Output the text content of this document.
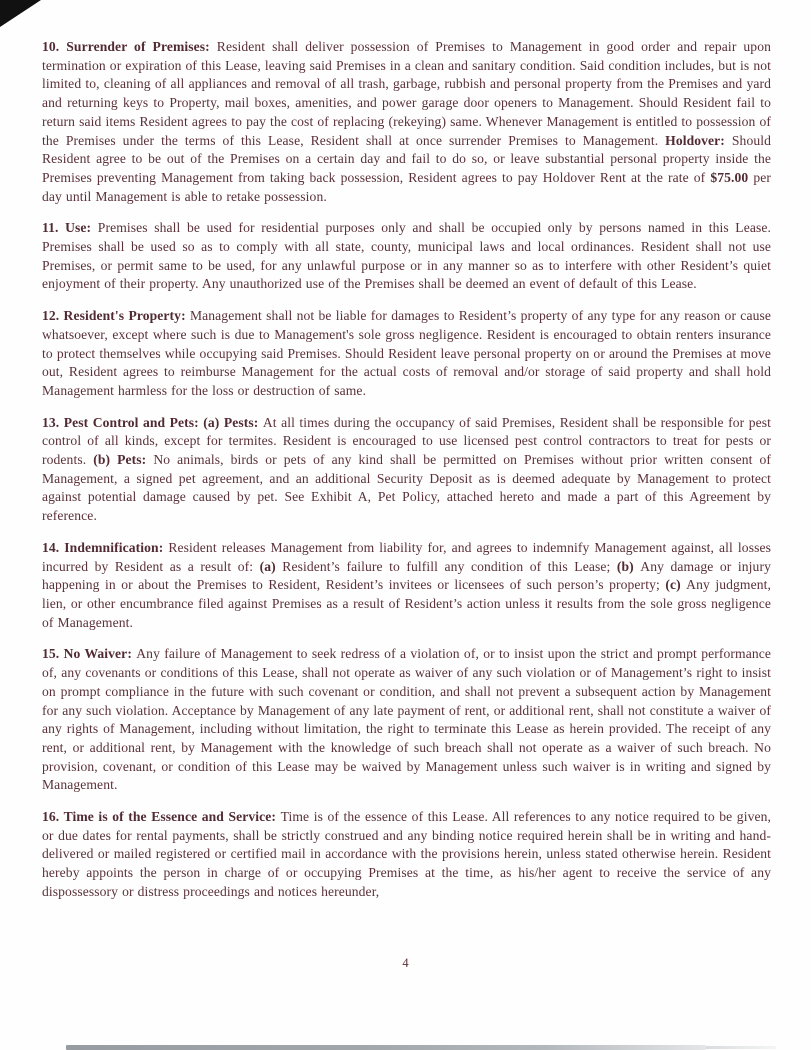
10. Surrender of Premises: Resident shall deliver possession of Premises to Management in good order and repair upon termination or expiration of this Lease, leaving said Premises in a clean and sanitary condition. Said condition includes, but is not limited to, cleaning of all appliances and removal of all trash, garbage, rubbish and personal property from the Premises and yard and returning keys to Property, mail boxes, amenities, and power garage door openers to Management. Should Resident fail to return said items Resident agrees to pay the cost of replacing (rekeying) same. Whenever Management is entitled to possession of the Premises under the terms of this Lease, Resident shall at once surrender Premises to Management. Holdover: Should Resident agree to be out of the Premises on a certain day and fail to do so, or leave substantial personal property inside the Premises preventing Management from taking back possession, Resident agrees to pay Holdover Rent at the rate of $75.00 per day until Management is able to retake possession.

11. Use: Premises shall be used for residential purposes only and shall be occupied only by persons named in this Lease. Premises shall be used so as to comply with all state, county, municipal laws and local ordinances. Resident shall not use Premises, or permit same to be used, for any unlawful purpose or in any manner so as to interfere with other Resident’s quiet enjoyment of their property. Any unauthorized use of the Premises shall be deemed an event of default of this Lease.

12. Resident's Property: Management shall not be liable for damages to Resident’s property of any type for any reason or cause whatsoever, except where such is due to Management's sole gross negligence. Resident is encouraged to obtain renters insurance to protect themselves while occupying said Premises. Should Resident leave personal property on or around the Premises at move out, Resident agrees to reimburse Management for the actual costs of removal and/or storage of said property and shall hold Management harmless for the loss or destruction of same.

13. Pest Control and Pets: (a) Pests: At all times during the occupancy of said Premises, Resident shall be responsible for pest control of all kinds, except for termites. Resident is encouraged to use licensed pest control contractors to treat for pests or rodents. (b) Pets: No animals, birds or pets of any kind shall be permitted on Premises without prior written consent of Management, a signed pet agreement, and an additional Security Deposit as is deemed adequate by Management to protect against potential damage caused by pet. See Exhibit A, Pet Policy, attached hereto and made a part of this Agreement by reference.

14. Indemnification: Resident releases Management from liability for, and agrees to indemnify Management against, all losses incurred by Resident as a result of: (a) Resident’s failure to fulfill any condition of this Lease; (b) Any damage or injury happening in or about the Premises to Resident, Resident’s invitees or licensees of such person’s property; (c) Any judgment, lien, or other encumbrance filed against Premises as a result of Resident’s action unless it results from the sole gross negligence of Management.

15. No Waiver: Any failure of Management to seek redress of a violation of, or to insist upon the strict and prompt performance of, any covenants or conditions of this Lease, shall not operate as waiver of any such violation or of Management’s right to insist on prompt compliance in the future with such covenant or condition, and shall not prevent a subsequent action by Management for any such violation. Acceptance by Management of any late payment of rent, or additional rent, shall not constitute a waiver of any rights of Management, including without limitation, the right to terminate this Lease as herein provided. The receipt of any rent, or additional rent, by Management with the knowledge of such breach shall not operate as a waiver of such breach. No provision, covenant, or condition of this Lease may be waived by Management unless such waiver is in writing and signed by Management.

16. Time is of the Essence and Service: Time is of the essence of this Lease. All references to any notice required to be given, or due dates for rental payments, shall be strictly construed and any binding notice required herein shall be in writing and hand-delivered or mailed registered or certified mail in accordance with the provisions herein, unless stated otherwise herein. Resident hereby appoints the person in charge of or occupying Premises at the time, as his/her agent to receive the service of any dispossessory or distress proceedings and notices hereunder,

4
